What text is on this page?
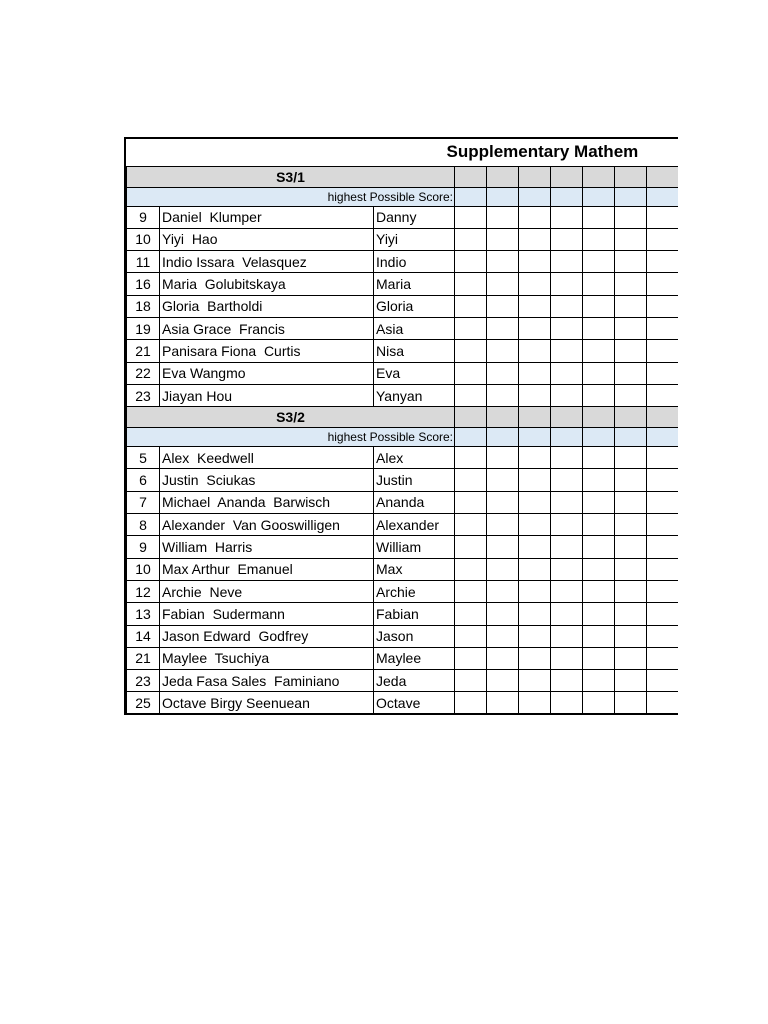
Supplementary Mathem									
S3/1									
highest Possible Score:									
9	Daniel  Klumper	Danny							
10	Yiyi  Hao	Yiyi							
11	Indio Issara  Velasquez	Indio							
16	Maria  Golubitskaya	Maria							
18	Gloria  Bartholdi	Gloria							
19	Asia Grace  Francis	Asia							
21	Panisara Fiona  Curtis	Nisa							
22	Eva Wangmo	Eva							
23	Jiayan Hou	Yanyan							
S3/2									
highest Possible Score:									
5	Alex  Keedwell	Alex							
6	Justin  Sciukas	Justin							
7	Michael  Ananda  Barwisch	Ananda							
8	Alexander  Van Gooswilligen	Alexander							
9	William  Harris	William							
10	Max Arthur  Emanuel	Max							
12	Archie  Neve	Archie							
13	Fabian  Sudermann	Fabian							
14	Jason Edward  Godfrey	Jason							
21	Maylee  Tsuchiya	Maylee							
23	Jeda Fasa Sales  Faminiano	Jeda							
25	Octave Birgy Seenuean	Octave							
